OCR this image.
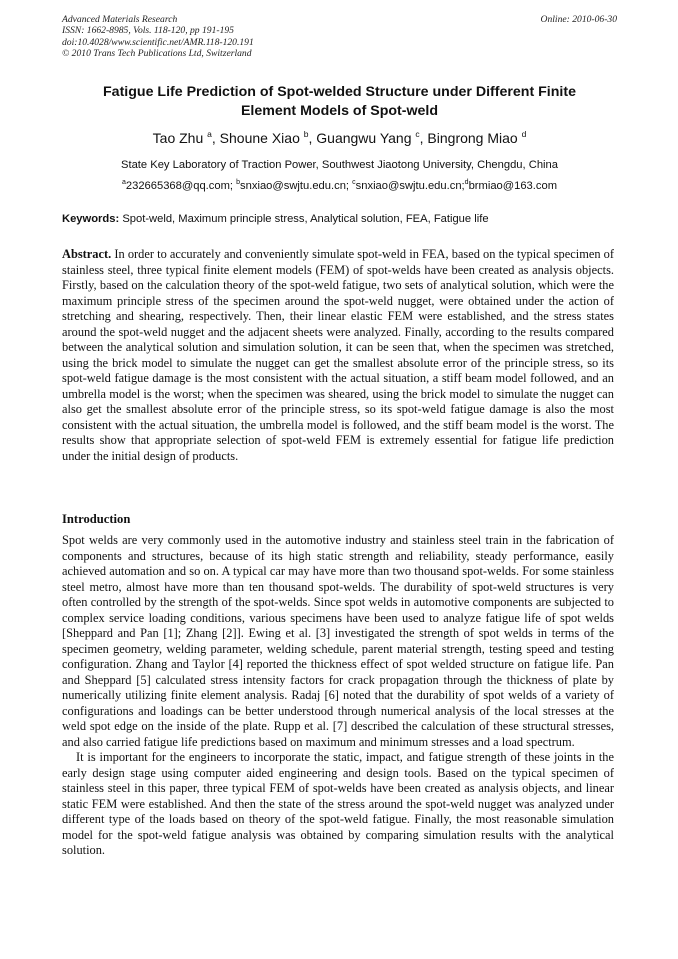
Advanced Materials Research
ISSN: 1662-8985, Vols. 118-120, pp 191-195
doi:10.4028/www.scientific.net/AMR.118-120.191
© 2010 Trans Tech Publications Ltd, Switzerland
Online: 2010-06-30
Fatigue Life Prediction of Spot-welded Structure under Different Finite
Element Models of Spot-weld
Tao Zhu $^a$, Shoune Xiao $^b$, Guangwu Yang $^c$, Bingrong Miao $^d$
State Key Laboratory of Traction Power, Southwest Jiaotong University, Chengdu, China
$^a$232665368@qq.com; $^b$snxiao@swjtu.edu.cn; $^c$snxiao@swjtu.edu.cn;$^d$brmiao@163.com
Keywords: Spot-weld, Maximum principle stress, Analytical solution, FEA, Fatigue life
Abstract. In order to accurately and conveniently simulate spot-weld in FEA, based on the typical specimen of stainless steel, three typical finite element models (FEM) of spot-welds have been created as analysis objects. Firstly, based on the calculation theory of the spot-weld fatigue, two sets of analytical solution, which were the maximum principle stress of the specimen around the spot-weld nugget, were obtained under the action of stretching and shearing, respectively. Then, their linear elastic FEM were established, and the stress states around the spot-weld nugget and the adjacent sheets were analyzed. Finally, according to the results compared between the analytical solution and simulation solution, it can be seen that, when the specimen was stretched, using the brick model to simulate the nugget can get the smallest absolute error of the principle stress, so its spot-weld fatigue damage is the most consistent with the actual situation, a stiff beam model followed, and an umbrella model is the worst; when the specimen was sheared, using the brick model to simulate the nugget can also get the smallest absolute error of the principle stress, so its spot-weld fatigue damage is also the most consistent with the actual situation, the umbrella model is followed, and the stiff beam model is the worst. The results show that appropriate selection of spot-weld FEM is extremely essential for fatigue life prediction under the initial design of products.
Introduction

Spot welds are very commonly used in the automotive industry and stainless steel train in the fabrication of components and structures, because of its high static strength and reliability, steady performance, easily achieved automation and so on. A typical car may have more than two thousand spot-welds. For some stainless steel metro, almost have more than ten thousand spot-welds. The durability of spot-weld structures is very often controlled by the strength of the spot-welds. Since spot welds in automotive components are subjected to complex service loading conditions, various specimens have been used to analyze fatigue life of spot welds [Sheppard and Pan [1]; Zhang [2]]. Ewing et al. [3] investigated the strength of spot welds in terms of the specimen geometry, welding parameter, welding schedule, parent material strength, testing speed and testing configuration. Zhang and Taylor [4] reported the thickness effect of spot welded structure on fatigue life. Pan and Sheppard [5] calculated stress intensity factors for crack propagation through the thickness of plate by numerically utilizing finite element analysis. Radaj [6] noted that the durability of spot welds of a variety of configurations and loadings can be better understood through numerical analysis of the local stresses at the weld spot edge on the inside of the plate. Rupp et al. [7] described the calculation of these structural stresses, and also carried fatigue life predictions based on maximum and minimum stresses and a load spectrum.

It is important for the engineers to incorporate the static, impact, and fatigue strength of these joints in the early design stage using computer aided engineering and design tools. Based on the typical specimen of stainless steel in this paper, three typical FEM of spot-welds have been created as analysis objects, and linear static FEM were established. And then the state of the stress around the spot-weld nugget was analyzed under different type of the loads based on theory of the spot-weld fatigue. Finally, the most reasonable simulation model for the spot-weld fatigue analysis was obtained by comparing simulation results with the analytical solution.
